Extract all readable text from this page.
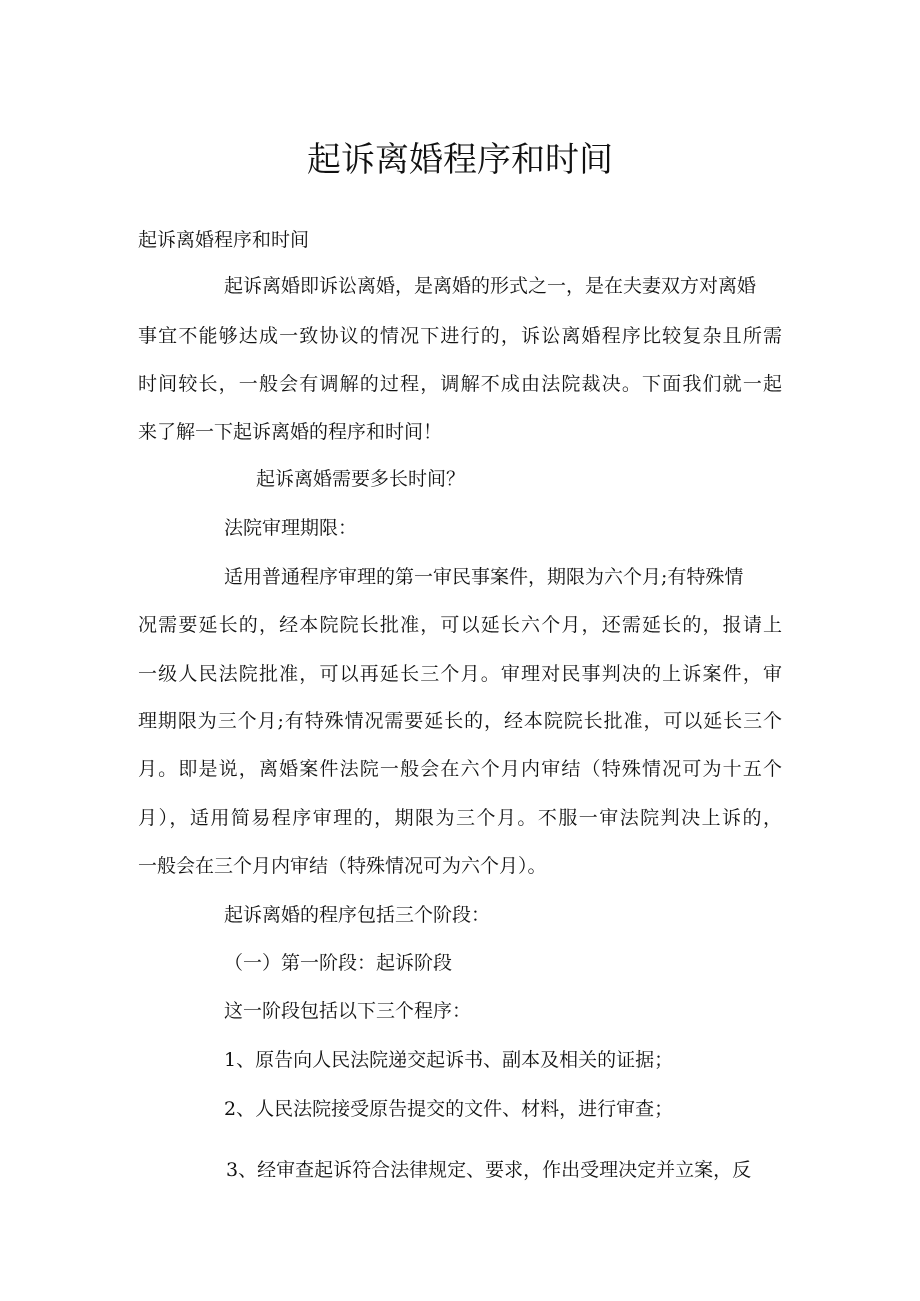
起诉离婚程序和时间

起诉离婚程序和时间

起诉离婚即诉讼离婚，是离婚的形式之一，是在夫妻双方对离婚

事宜不能够达成一致协议的情况下进行的，诉讼离婚程序比较复杂且所需

时间较长，一般会有调解的过程，调解不成由法院裁决。下面我们就一起

来了解一下起诉离婚的程序和时间！

起诉离婚需要多长时间？

法院审理期限：

适用普通程序审理的第一审民事案件，期限为六个月;有特殊情

况需要延长的，经本院院长批准，可以延长六个月，还需延长的，报请上

一级人民法院批准，可以再延长三个月。审理对民事判决的上诉案件，审

理期限为三个月;有特殊情况需要延长的，经本院院长批准，可以延长三个

月。即是说，离婚案件法院一般会在六个月内审结（特殊情况可为十五个

月），适用简易程序审理的，期限为三个月。不服一审法院判决上诉的，

一般会在三个月内审结（特殊情况可为六个月）。

起诉离婚的程序包括三个阶段：

（一）第一阶段：起诉阶段

这一阶段包括以下三个程序：

1、原告向人民法院递交起诉书、副本及相关的证据；

2、人民法院接受原告提交的文件、材料，进行审查；

3、经审查起诉符合法律规定、要求，作出受理决定并立案，反
